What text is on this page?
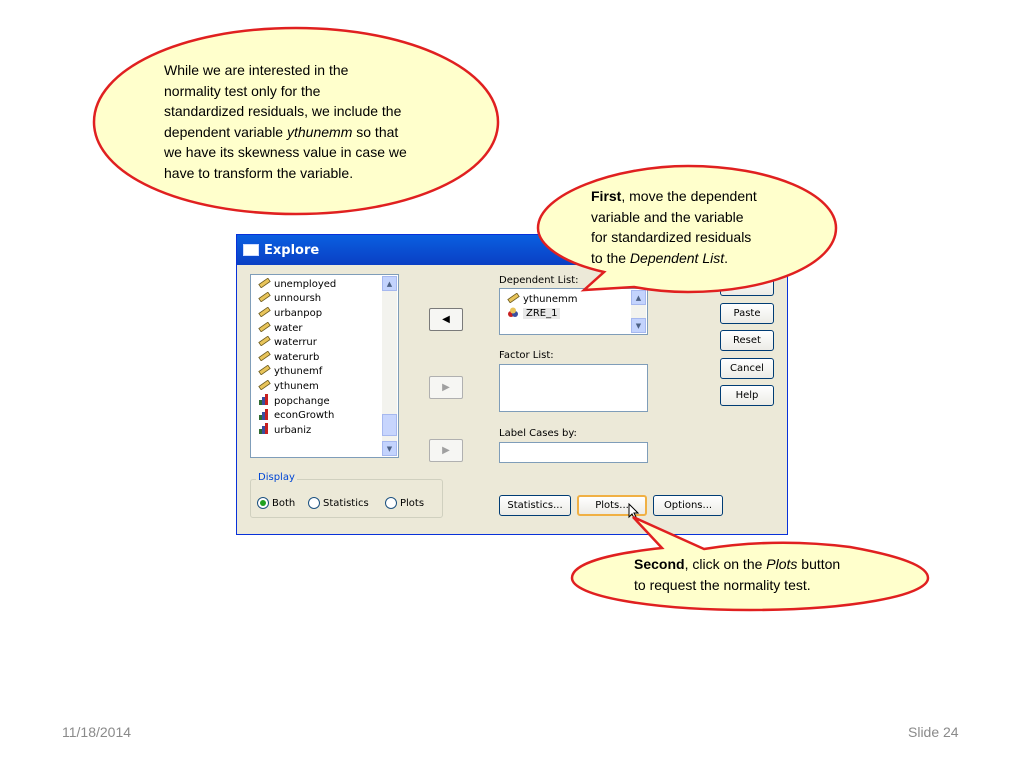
Explore
unemployed
unnoursh
urbanpop
water
waterrur
waterurb
ythunemf
ythunem
popchange
econGrowth
urbaniz
▲
▼
◀
▶
▶
Dependent List:
ythunemm
ZRE_1
▲
▼
Factor List:
Label Cases by:
Paste
Reset
Cancel
Help
Statistics...	Plots...	Options...
Display
Both	Statistics	Plots
While we are interested in the
normality test only for the
standardized residuals, we include the
dependent variable ythunemm so that
we have its skewness value in case we
have to transform the variable.
First, move the dependent
variable and the variable
for standardized residuals
to the Dependent List.
Second, click on the Plots button
to request the normality test.
11/18/2014	Slide 24
